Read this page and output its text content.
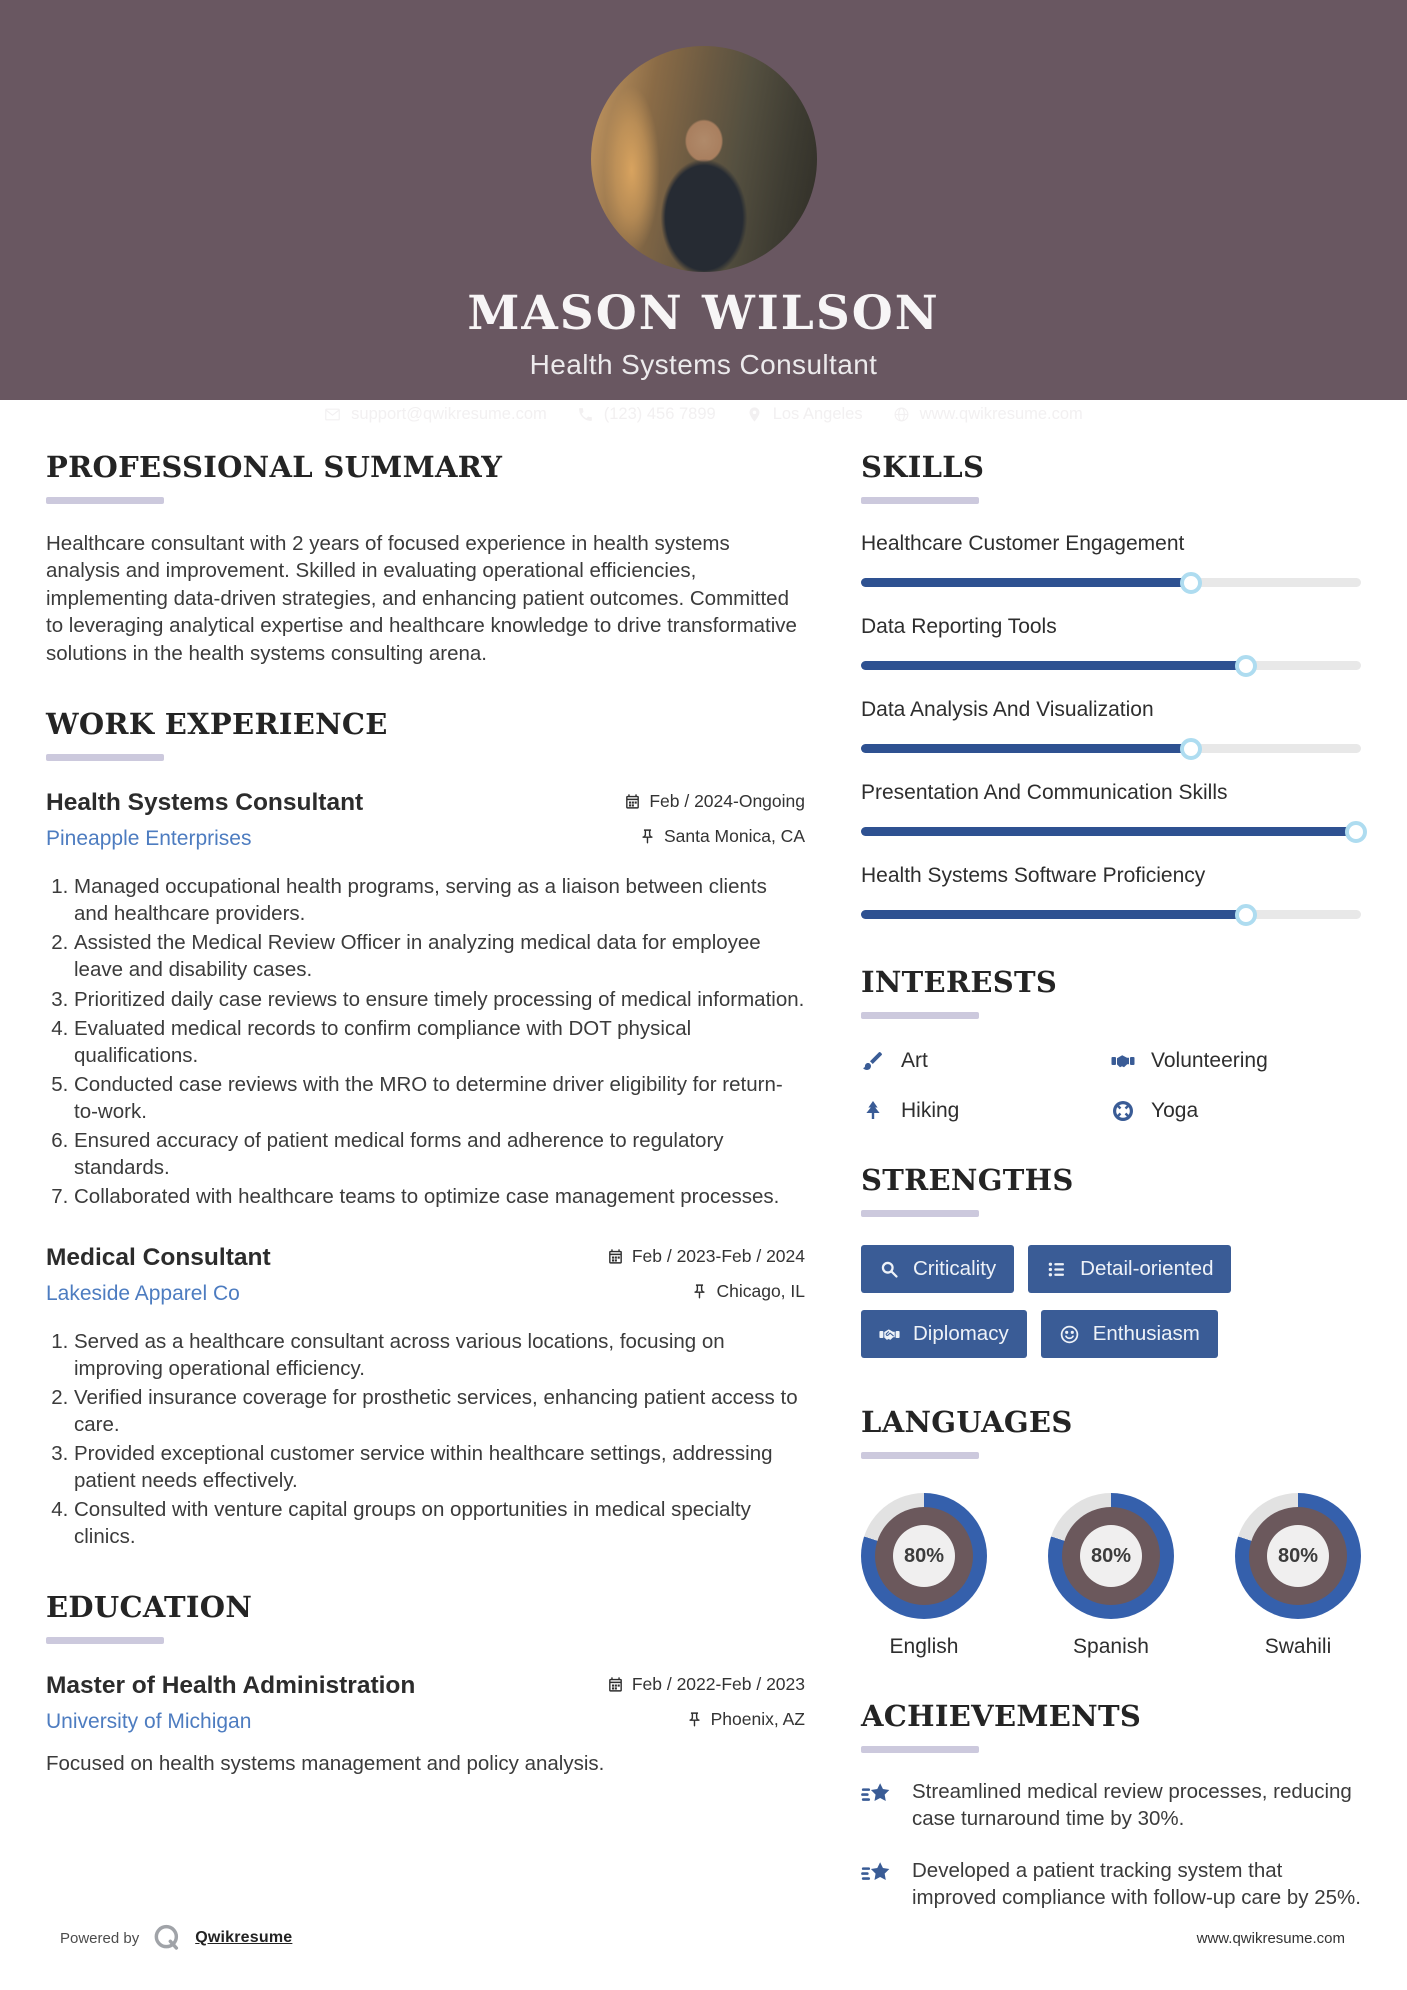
MASON WILSON
Health Systems Consultant
support@qwikresume.com	(123) 456 7899	Los Angeles	www.qwikresume.com
PROFESSIONAL SUMMARY

Healthcare consultant with 2 years of focused experience in health systems analysis and improvement. Skilled in evaluating operational efficiencies, implementing data-driven strategies, and enhancing patient outcomes. Committed to leveraging analytical expertise and healthcare knowledge to drive transformative solutions in the health systems consulting arena.

WORK EXPERIENCE
Health Systems Consultant	Feb / 2024-Ongoing
Pineapple Enterprises	Santa Monica, CA
1. Managed occupational health programs, serving as a liaison between clients and healthcare providers.
2. Assisted the Medical Review Officer in analyzing medical data for employee leave and disability cases.
3. Prioritized daily case reviews to ensure timely processing of medical information.
4. Evaluated medical records to confirm compliance with DOT physical qualifications.
5. Conducted case reviews with the MRO to determine driver eligibility for return-to-work.
6. Ensured accuracy of patient medical forms and adherence to regulatory standards.
7. Collaborated with healthcare teams to optimize case management processes.
Medical Consultant	Feb / 2023-Feb / 2024
Lakeside Apparel Co	Chicago, IL
1. Served as a healthcare consultant across various locations, focusing on improving operational efficiency.
2. Verified insurance coverage for prosthetic services, enhancing patient access to care.
3. Provided exceptional customer service within healthcare settings, addressing patient needs effectively.
4. Consulted with venture capital groups on opportunities in medical specialty clinics.
EDUCATION
Master of Health Administration	Feb / 2022-Feb / 2023
University of Michigan	Phoenix, AZ

Focused on health systems management and policy analysis.

SKILLS
Healthcare Customer Engagement
Data Reporting Tools
Data Analysis And Visualization
Presentation And Communication Skills
Health Systems Software Proficiency
INTERESTS
Art	Volunteering
Hiking	Yoga
STRENGTHS
Criticality	Detail-oriented

Diplomacy	Enthusiasm
LANGUAGES
80%
English
80%
Spanish
80%
Swahili
ACHIEVEMENTS
Streamlined medical review processes, reducing case turnaround time by 30%.
Developed a patient tracking system that improved compliance with follow-up care by 25%.
Powered by	Qwikresume	www.qwikresume.com
